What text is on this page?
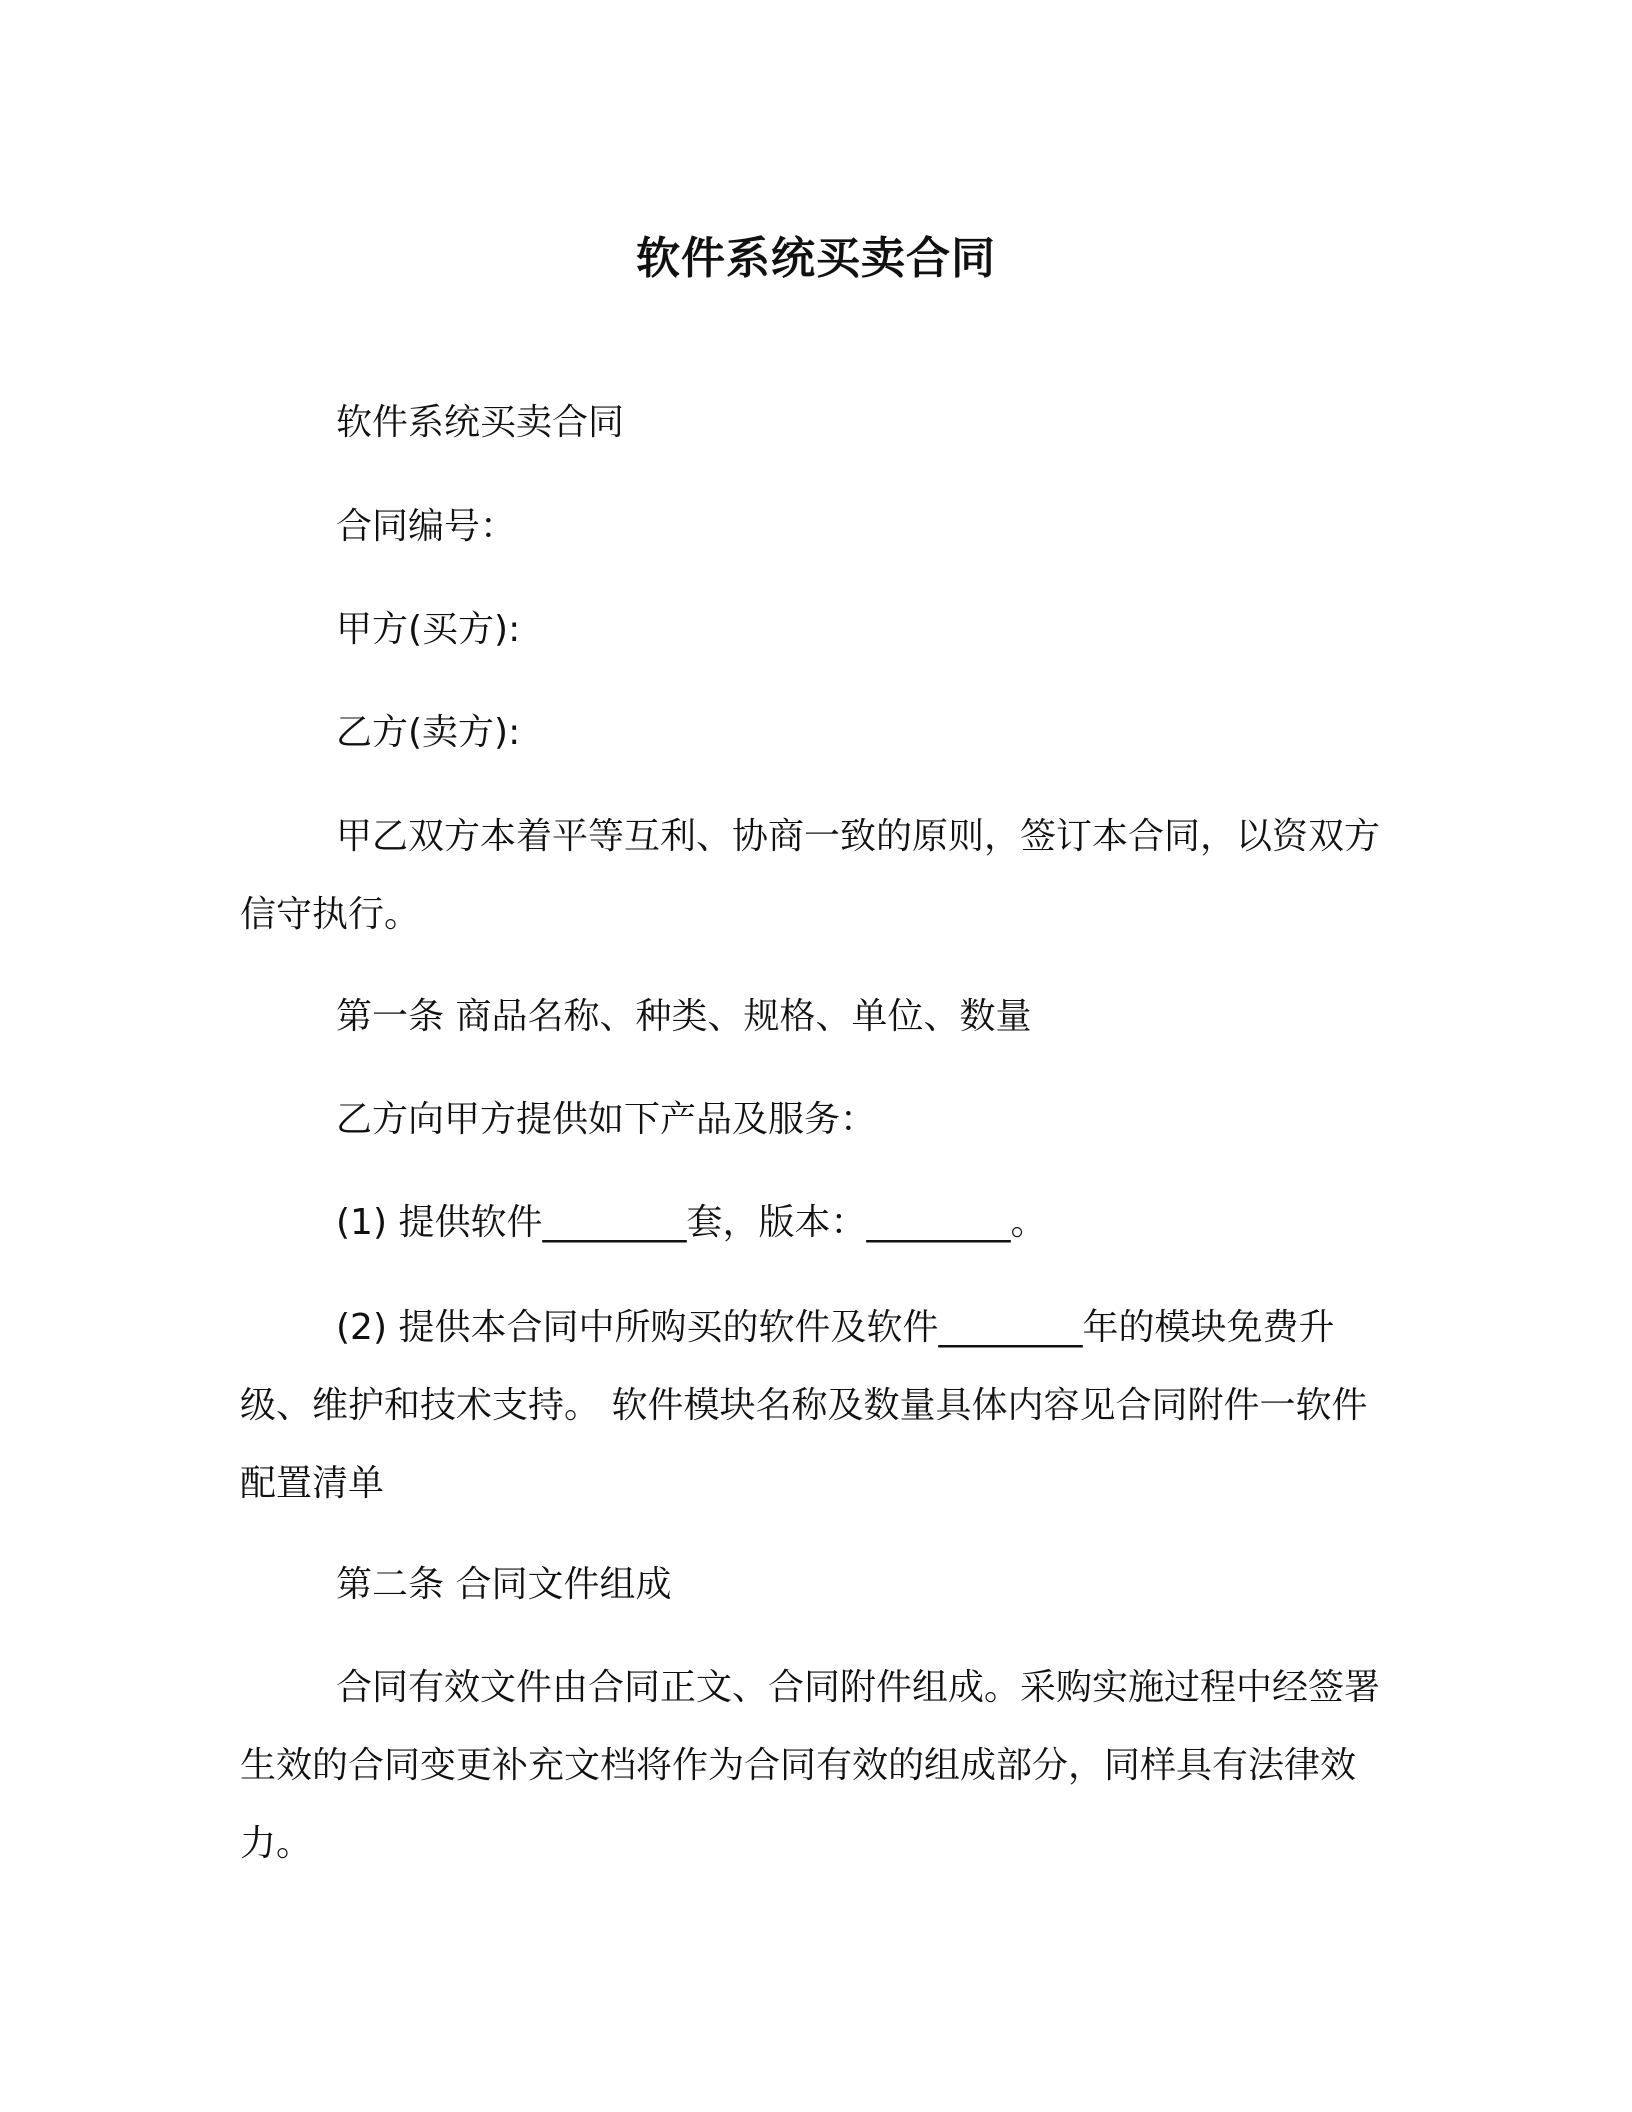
软件系统买卖合同

软件系统买卖合同

合同编号：

甲方(买方):

乙方(卖方):

甲乙双方本着平等互利、协商一致的原则，签订本合同，以资双方信守执行。

第一条 商品名称、种类、规格、单位、数量

乙方向甲方提供如下产品及服务：

(1) 提供软件________套，版本：________。

(2) 提供本合同中所购买的软件及软件________年的模块免费升级、维护和技术支持。 软件模块名称及数量具体内容见合同附件一软件配置清单

第二条 合同文件组成

合同有效文件由合同正文、合同附件组成。采购实施过程中经签署生效的合同变更补充文档将作为合同有效的组成部分，同样具有法律效力。
